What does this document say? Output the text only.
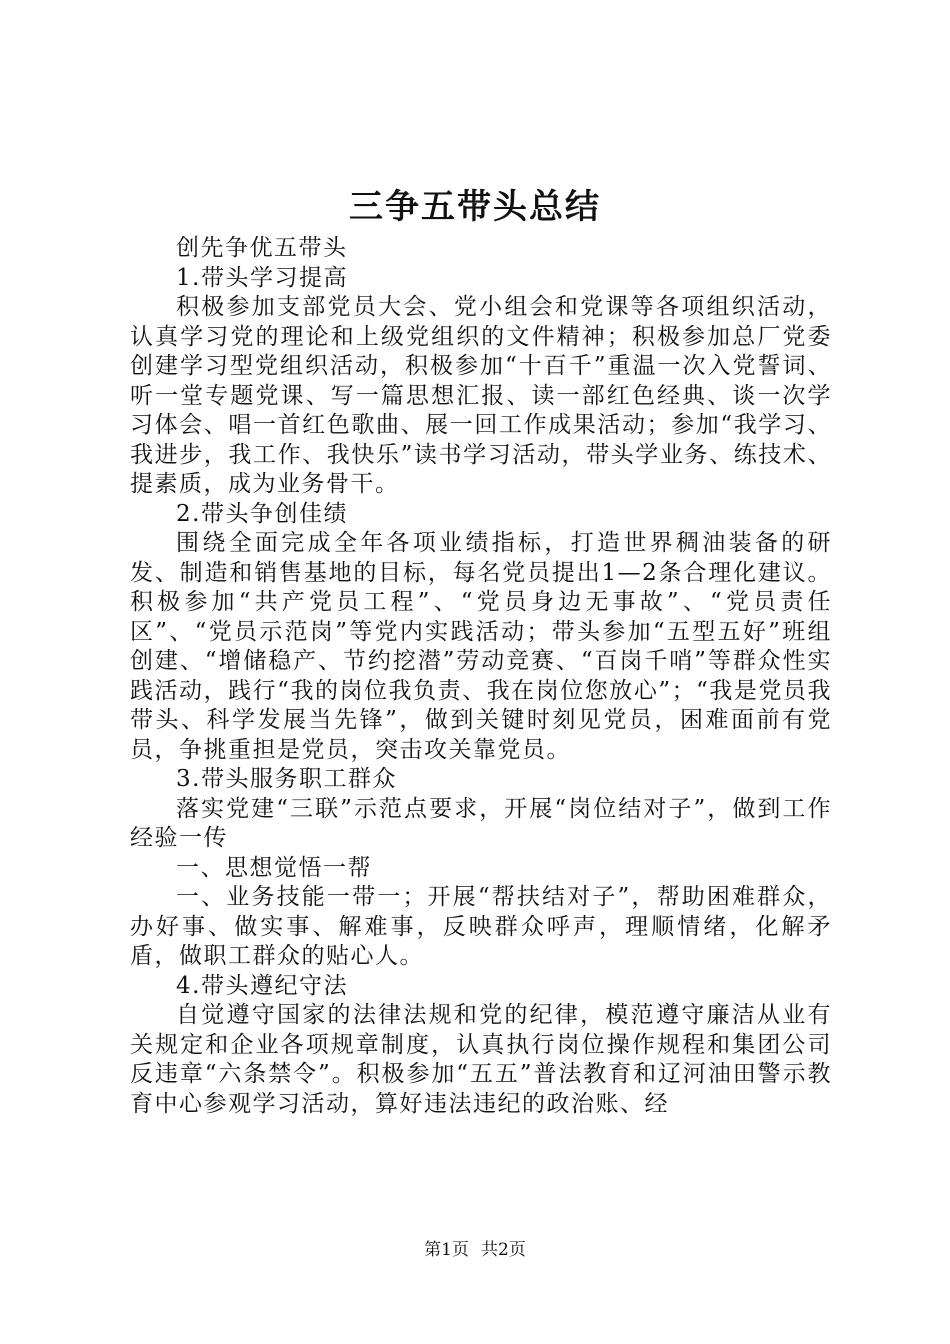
三争五带头总结

创先争优五带头

1.带头学习提高

积极参加支部党员大会、党小组会和党课等各项组织活动，认真学习党的理论和上级党组织的文件精神；积极参加总厂党委创建学习型党组织活动，积极参加“十百千”重温一次入党誓词、听一堂专题党课、写一篇思想汇报、读一部红色经典、谈一次学习体会、唱一首红色歌曲、展一回工作成果活动；参加“我学习、我进步，我工作、我快乐”读书学习活动，带头学业务、练技术、提素质，成为业务骨干。

2.带头争创佳绩

围绕全面完成全年各项业绩指标，打造世界稠油装备的研发、制造和销售基地的目标，每名党员提出1—2条合理化建议。积极参加“共产党员工程”、“党员身边无事故”、“党员责任区”、“党员示范岗”等党内实践活动；带头参加“五型五好”班组创建、“增储稳产、节约挖潜”劳动竞赛、“百岗千哨”等群众性实践活动，践行“我的岗位我负责、我在岗位您放心”；“我是党员我带头、科学发展当先锋”，做到关键时刻见党员，困难面前有党员，争挑重担是党员，突击攻关靠党员。

3.带头服务职工群众

落实党建“三联”示范点要求，开展“岗位结对子”，做到工作经验一传

一、思想觉悟一帮

一、业务技能一带一；开展“帮扶结对子”，帮助困难群众，办好事、做实事、解难事，反映群众呼声，理顺情绪，化解矛盾，做职工群众的贴心人。

4.带头遵纪守法

自觉遵守国家的法律法规和党的纪律，模范遵守廉洁从业有关规定和企业各项规章制度，认真执行岗位操作规程和集团公司反违章“六条禁令”。积极参加“五五”普法教育和辽河油田警示教育中心参观学习活动，算好违法违纪的政治账、经

第1页 共2页
